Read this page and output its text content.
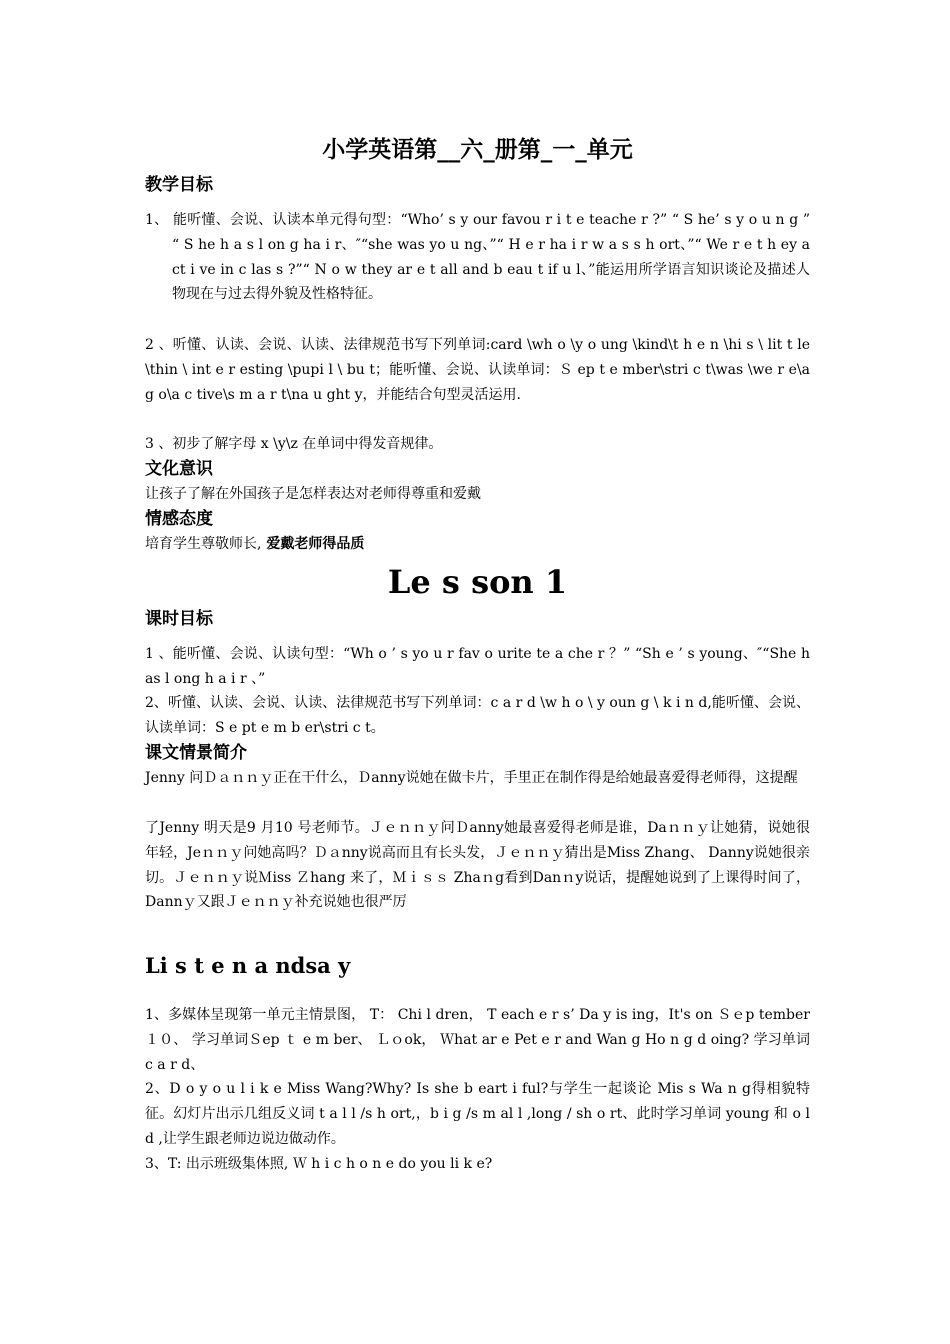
小学英语第__六_册第_一_单元
教学目标

1、 能听懂、会说、认读本单元得句型：“Who’ s y our favou r i t e teache r ?” “ S he’ s y o u n g ” “ S he h a s l on g ha i r、″“she was yo u ng、”“ H e r ha i r w a s s h ort、”“ We r e t h ey a ct i ve in c las s ?”“ N o w they ar e t all and b eau t if u l、”能运用所学语言知识谈论及描述人物现在与过去得外貌及性格特征。

2 、听懂、认读、会说、认读、法律规范书写下列单词:card \wh o \y o ung \kind\t h e n \hi s \ lit t le \thin \ int e r esting \pupi l \ bu t；能听懂、会说、认读单词：Ｓ ep t e mber\stri c t\was \we r e\a g o\a c tive\s m a r t\na u ght y，并能结合句型灵活运用.

3 、初步了解字母 x \y\z 在单词中得发音规律。

文化意识

让孩子了解在外国孩子是怎样表达对老师得尊重和爱戴

情感态度

培育学生尊敬师长, 爱戴老师得品质

Le s son 1
课时目标

1 、能听懂、会说、认读句型：“Wh o ’ s yo u r fav o urite te a che r ？” “Sh e ’ s young、″“She has l ong h a i r 、”

2、听懂、认读、会说、认读、法律规范书写下列单词：c a r d \w h o \ y oun g \ k i n d,能听懂、会说、认读单词：S e pt e m b er\stri c t。

课文情景简介

Jenny 问Ｄａｎｎｙ正在干什么，Ｄanny说她在做卡片，手里正在制作得是给她最喜爱得老师得，这提醒

了Jenny 明天是9 月10 号老师节。Ｊｅｎｎｙ问Ｄanny她最喜爱得老师是谁，Daｎｎｙ让她猜，说她很年轻，Jeｎｎｙ问她高吗？Ｄａnny说高而且有长头发，Ｊｅｎｎｙ猜出是Miss Zhang、 Danny说她很亲切。Ｊｅｎｎｙ说Ｍiss Ｚhang 来了，Ｍｉｓｓ Zhaｎg看到Danｎy说话，提醒她说到了上课得时间了，Dannｙ又跟Ｊｅｎｎｙ补充说她也很严厉

Li s t e n a ndsa y

1、多媒体呈现第一单元主情景图， T： Chi l dren， T each e r s’ Da y is ing，It's on Ｓｅp tember１０、 学习单词Ｓep ｔ e m ber、 Ｌｏok， Ｗhat ar e Pet e r and Wan g Ho n g d oing? 学习单词c a r d、

2、D o y o u l i k e Miss Wang?Why? Is she b eart i ful?与学生一起谈论 Mis s Wa n g得相貌特征。幻灯片出示几组反义词 t a l l /s h ort,，b i g /s m al l ,long / sh o rt、此时学习单词 young 和 o l d ,让学生跟老师边说边做动作。

3、T: 出示班级集体照, Ｗ h i c h o n e do you li k e?
